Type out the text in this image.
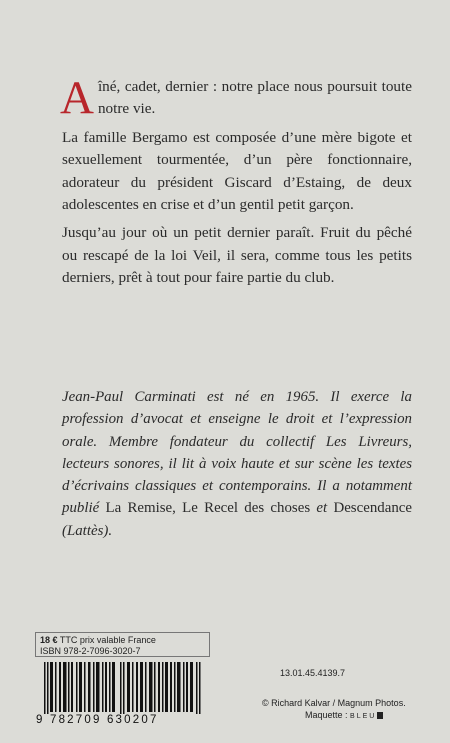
Aîné, cadet, dernier : notre place nous poursuit toute notre vie.

La famille Bergamo est composée d’une mère bigote et sexuellement tourmentée, d’un père fonctionnaire, adorateur du président Giscard d’Estaing, de deux adolescentes en crise et d’un gentil petit garçon.

Jusqu’au jour où un petit dernier paraît. Fruit du pêché ou rescapé de la loi Veil, il sera, comme tous les petits derniers, prêt à tout pour faire partie du club.

Jean-Paul Carminati est né en 1965. Il exerce la profession d’avocat et enseigne le droit et l’expression orale. Membre fondateur du collectif Les Livreurs, lecteurs sonores, il lit à voix haute et sur scène les textes d’écrivains classiques et contemporains. Il a notamment publié La Remise, Le Recel des choses et Descendance (Lattès).
18 € TTC prix valable France
ISBN 978-2-7096-3020-7
9 782709 630207
13.01.45.4139.7
© Richard Kalvar / Magnum Photos.
Maquette : BLEU
